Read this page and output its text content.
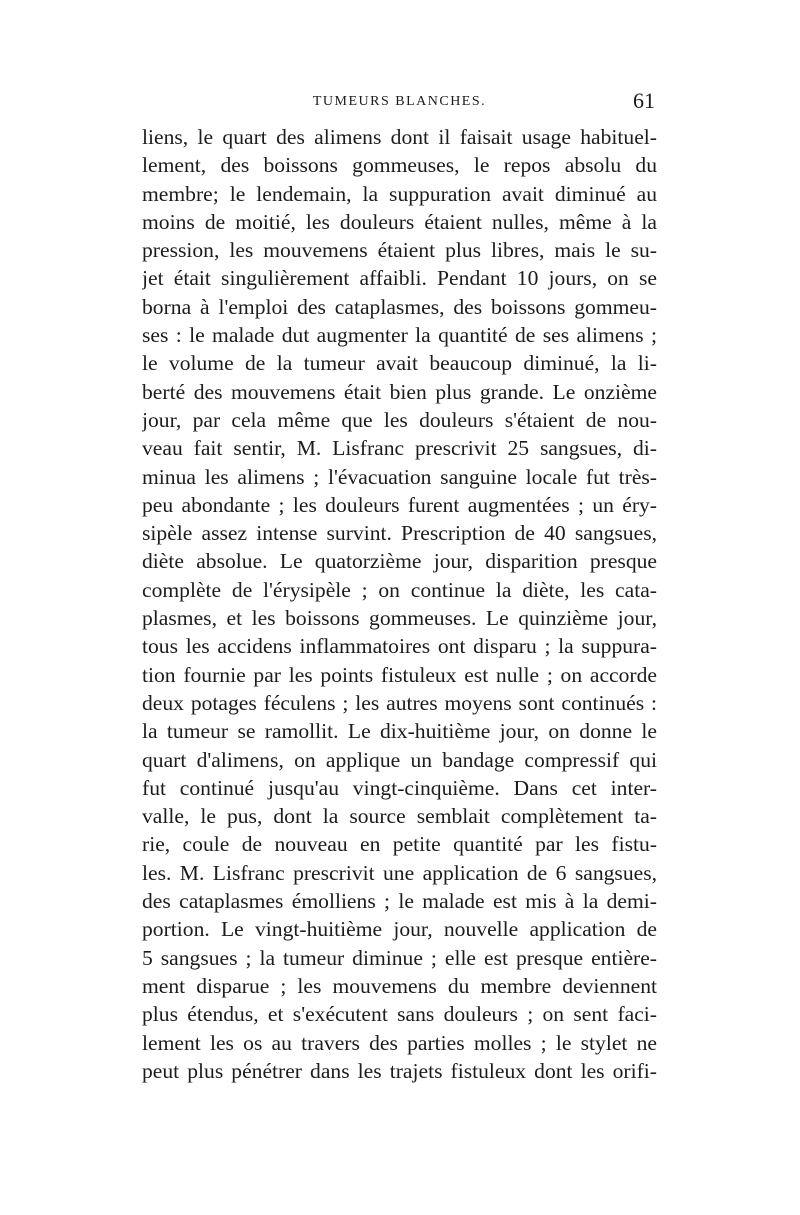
TUMEURS BLANCHES.	61
liens, le quart des alimens dont il faisait usage habituel-
lement, des boissons gommeuses, le repos absolu du
membre; le lendemain, la suppuration avait diminué au
moins de moitié, les douleurs étaient nulles, même à la
pression, les mouvemens étaient plus libres, mais le su-
jet était singulièrement affaibli. Pendant 10 jours, on se
borna à l'emploi des cataplasmes, des boissons gommeu-
ses : le malade dut augmenter la quantité de ses alimens ;
le volume de la tumeur avait beaucoup diminué, la li-
berté des mouvemens était bien plus grande. Le onzième
jour, par cela même que les douleurs s'étaient de nou-
veau fait sentir, M. Lisfranc prescrivit 25 sangsues, di-
minua les alimens ; l'évacuation sanguine locale fut très-
peu abondante ; les douleurs furent augmentées ; un éry-
sipèle assez intense survint. Prescription de 40 sangsues,
diète absolue. Le quatorzième jour, disparition presque
complète de l'érysipèle ; on continue la diète, les cata-
plasmes, et les boissons gommeuses. Le quinzième jour,
tous les accidens inflammatoires ont disparu ; la suppura-
tion fournie par les points fistuleux est nulle ; on accorde
deux potages féculens ; les autres moyens sont continués :
la tumeur se ramollit. Le dix-huitième jour, on donne le
quart d'alimens, on applique un bandage compressif qui
fut continué jusqu'au vingt-cinquième. Dans cet inter-
valle, le pus, dont la source semblait complètement ta-
rie, coule de nouveau en petite quantité par les fistu-
les. M. Lisfranc prescrivit une application de 6 sangsues,
des cataplasmes émolliens ; le malade est mis à la demi-
portion. Le vingt-huitième jour, nouvelle application de
5 sangsues ; la tumeur diminue ; elle est presque entière-
ment disparue ; les mouvemens du membre deviennent
plus étendus, et s'exécutent sans douleurs ; on sent faci-
lement les os au travers des parties molles ; le stylet ne
peut plus pénétrer dans les trajets fistuleux dont les orifi-
